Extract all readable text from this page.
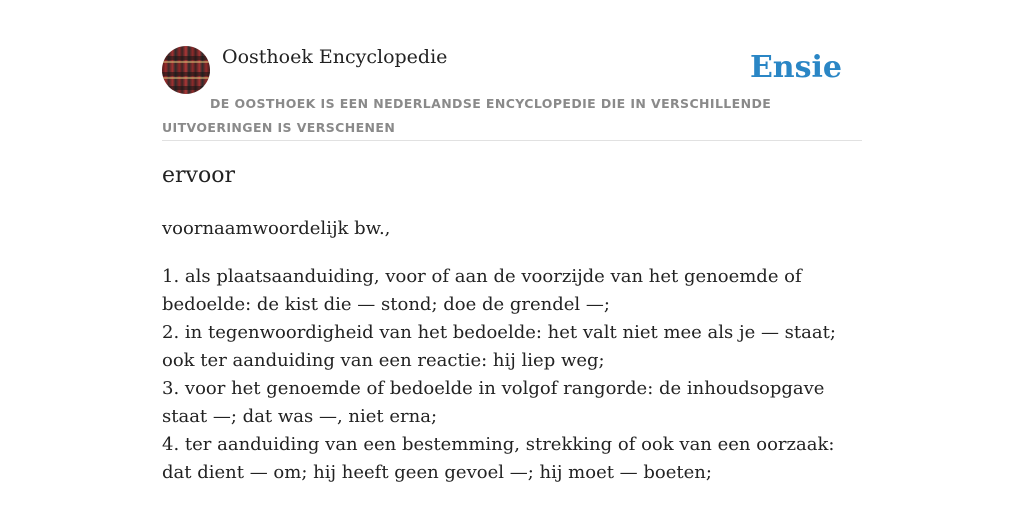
Oosthoek Encyclopedie	Ensie
DE OOSTHOEK IS EEN NEDERLANDSE ENCYCLOPEDIE DIE IN VERSCHILLENDE UITVOERINGEN IS VERSCHENEN
ervoor
voornaamwoordelijk bw.,
1. als plaatsaanduiding, voor of aan de voorzijde van het genoemde of bedoelde: de kist die — stond; doe de grendel —;
2. in tegenwoordigheid van het bedoelde: het valt niet mee als je — staat; ook ter aanduiding van een reactie: hij liep weg;
3. voor het genoemde of bedoelde in volgof rangorde: de inhoudsopgave staat —; dat was —, niet erna;
4. ter aanduiding van een bestemming, strekking of ook van een oorzaak: dat dient — om; hij heeft geen gevoel —; hij moet — boeten;
